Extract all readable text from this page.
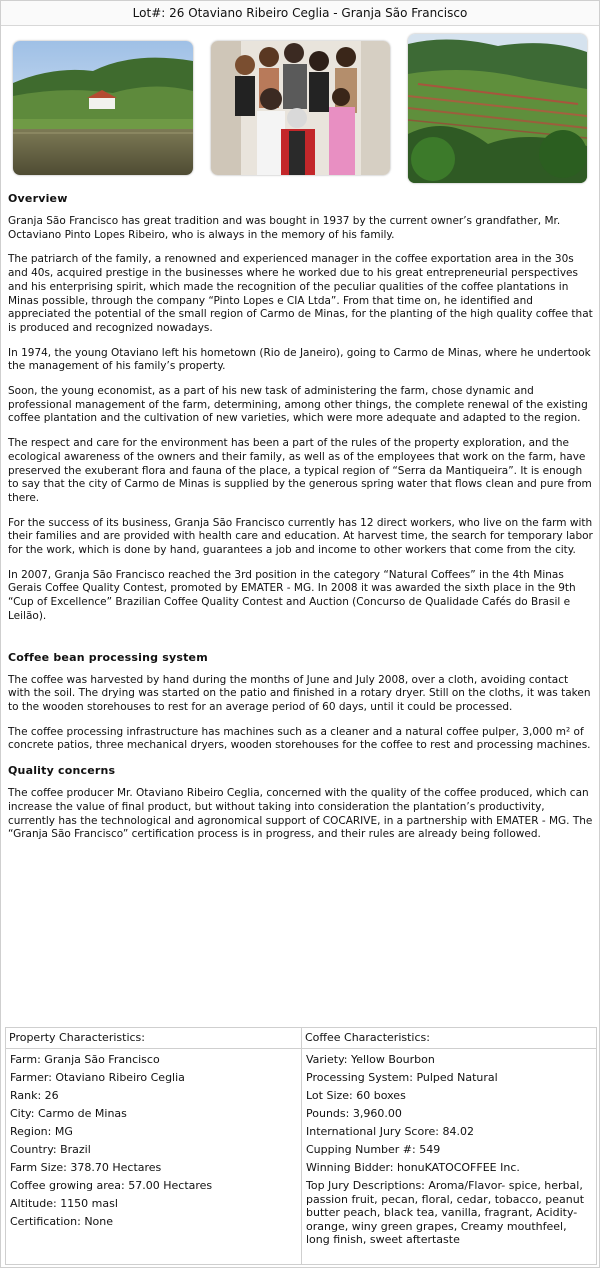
Lot#: 26 Otaviano Ribeiro Ceglia - Granja São Francisco
Overview

Granja São Francisco has great tradition and was bought in 1937 by the current owner’s grandfather, Mr. Octaviano Pinto Lopes Ribeiro, who is always in the memory of his family.

The patriarch of the family, a renowned and experienced manager in the coffee exportation area in the 30s and 40s, acquired prestige in the businesses where he worked due to his great entrepreneurial perspectives and his enterprising spirit, which made the recognition of the peculiar qualities of the coffee plantations in Minas possible, through the company “Pinto Lopes e CIA Ltda”. From that time on, he identified and appreciated the potential of the small region of Carmo de Minas, for the planting of the high quality coffee that is produced and recognized nowadays.

In 1974, the young Otaviano left his hometown (Rio de Janeiro), going to Carmo de Minas, where he undertook the management of his family’s property.

Soon, the young economist, as a part of his new task of administering the farm, chose dynamic and professional management of the farm, determining, among other things, the complete renewal of the existing coffee plantation and the cultivation of new varieties, which were more adequate and adapted to the region.

The respect and care for the environment has been a part of the rules of the property exploration, and the ecological awareness of the owners and their family, as well as of the employees that work on the farm, have preserved the exuberant flora and fauna of the place, a typical region of “Serra da Mantiqueira”. It is enough to say that the city of Carmo de Minas is supplied by the generous spring water that flows clean and pure from there.

For the success of its business, Granja São Francisco currently has 12 direct workers, who live on the farm with their families and are provided with health care and education. At harvest time, the search for temporary labor for the work, which is done by hand, guarantees a job and income to other workers that come from the city.

In 2007, Granja São Francisco reached the 3rd position in the category “Natural Coffees” in the 4th Minas Gerais Coffee Quality Contest, promoted by EMATER - MG. In 2008 it was awarded the sixth place in the 9th “Cup of Excellence” Brazilian Coffee Quality Contest and Auction (Concurso de Qualidade Cafés do Brasil e Leilão).

Coffee bean processing system

The coffee was harvested by hand during the months of June and July 2008, over a cloth, avoiding contact with the soil. The drying was started on the patio and finished in a rotary dryer. Still on the cloths, it was taken to the wooden storehouses to rest for an average period of 60 days, until it could be processed.

The coffee processing infrastructure has machines such as a cleaner and a natural coffee pulper, 3,000 m² of concrete patios, three mechanical dryers, wooden storehouses for the coffee to rest and processing machines.

Quality concerns

The coffee producer Mr. Otaviano Ribeiro Ceglia, concerned with the quality of the coffee produced, which can increase the value of final product, but without taking into consideration the plantation’s productivity, currently has the technological and agronomical support of COCARIVE, in a partnership with EMATER - MG. The “Granja São Francisco” certification process is in progress, and their rules are already being followed.

Property Characteristics:
Farm: Granja São Francisco
Farmer: Otaviano Ribeiro Ceglia
Rank: 26
City: Carmo de Minas
Region: MG
Country: Brazil
Farm Size: 378.70 Hectares
Coffee growing area: 57.00 Hectares
Altitude: 1150 masl
Certification: None
Coffee Characteristics:
Variety: Yellow Bourbon
Processing System: Pulped Natural
Lot Size: 60 boxes
Pounds: 3,960.00
International Jury Score: 84.02
Cupping Number #: 549
Winning Bidder: honuKATOCOFFEE Inc.
Top Jury Descriptions: Aroma/Flavor- spice, herbal, passion fruit, pecan, floral, cedar, tobacco, peanut butter peach, black tea, vanilla, fragrant, Acidity- orange, winy green grapes, Creamy mouthfeel, long finish, sweet aftertaste
